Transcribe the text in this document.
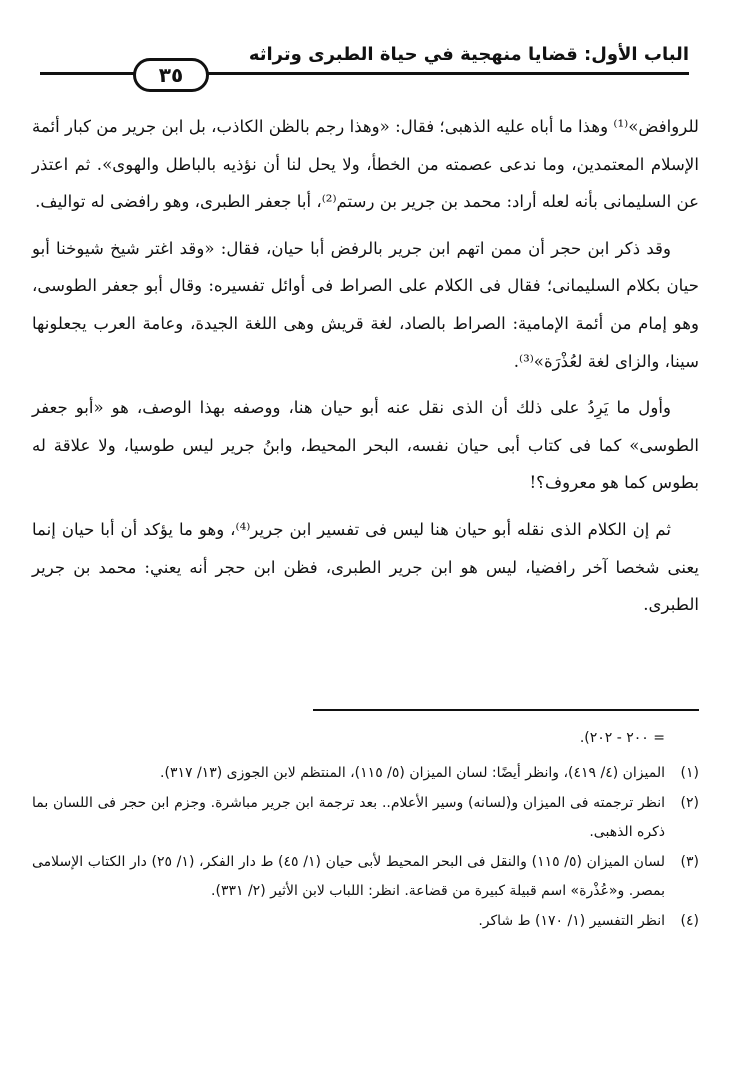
الباب الأول: قضايا منهجية في حياة الطبرى وتراثه
٣٥

للروافض»⁽¹⁾ وهذا ما أباه عليه الذهبى؛ فقال: «وهذا رجم بالظن الكاذب، بل ابن جرير من كبار أئمة الإسلام المعتمدين، وما ندعى عصمته من الخطأ، ولا يحل لنا أن نؤذيه بالباطل والهوى». ثم اعتذر عن السليمانى بأنه لعله أراد: محمد بن جرير بن رستم⁽²⁾، أبا جعفر الطبرى، وهو رافضى له تواليف.

وقد ذكر ابن حجر أن ممن اتهم ابن جرير بالرفض أبا حيان، فقال: «وقد اغتر شيخ شيوخنا أبو حيان بكلام السليمانى؛ فقال فى الكلام على الصراط فى أوائل تفسيره: وقال أبو جعفر الطوسى، وهو إمام من أئمة الإمامية: الصراط بالصاد، لغة قريش وهى اللغة الجيدة، وعامة العرب يجعلونها سينا، والزاى لغة لعُذْرَة»⁽³⁾.

وأول ما يَرِدُ على ذلك أن الذى نقل عنه أبو حيان هنا، ووصفه بهذا الوصف، هو «أبو جعفر الطوسى» كما فى كتاب أبى حيان نفسه، البحر المحيط، وابنُ جرير ليس طوسيا، ولا علاقة له بطوس كما هو معروف؟!

ثم إن الكلام الذى نقله أبو حيان هنا ليس فى تفسير ابن جرير⁽⁴⁾، وهو ما يؤكد أن أبا حيان إنما يعنى شخصا آخر رافضيا، ليس هو ابن جرير الطبرى، فظن ابن حجر أنه يعني: محمد بن جرير الطبرى.

= ٢٠٠ - ٢٠٢).
(١)
الميزان (٤/ ٤١٩)، وانظر أيضًا: لسان الميزان (٥/ ١١٥)، المنتظم لابن الجوزى (١٣/ ٣١٧).
(٢)
انظر ترجمته فى الميزان و(لسانه) وسير الأعلام.. بعد ترجمة ابن جرير مباشرة. وجزم ابن حجر فى اللسان بما ذكره الذهبى.
(٣)
لسان الميزان (٥/ ١١٥) والنقل فى البحر المحيط لأبى حيان (١/ ٤٥) ط دار الفكر، (١/ ٢٥) دار الكتاب الإسلامى بمصر. و«عُذْرة» اسم قبيلة كبيرة من قضاعة. انظر: اللباب لابن الأثير (٢/ ٣٣١).
(٤)
انظر التفسير (١/ ١٧٠) ط شاكر.
